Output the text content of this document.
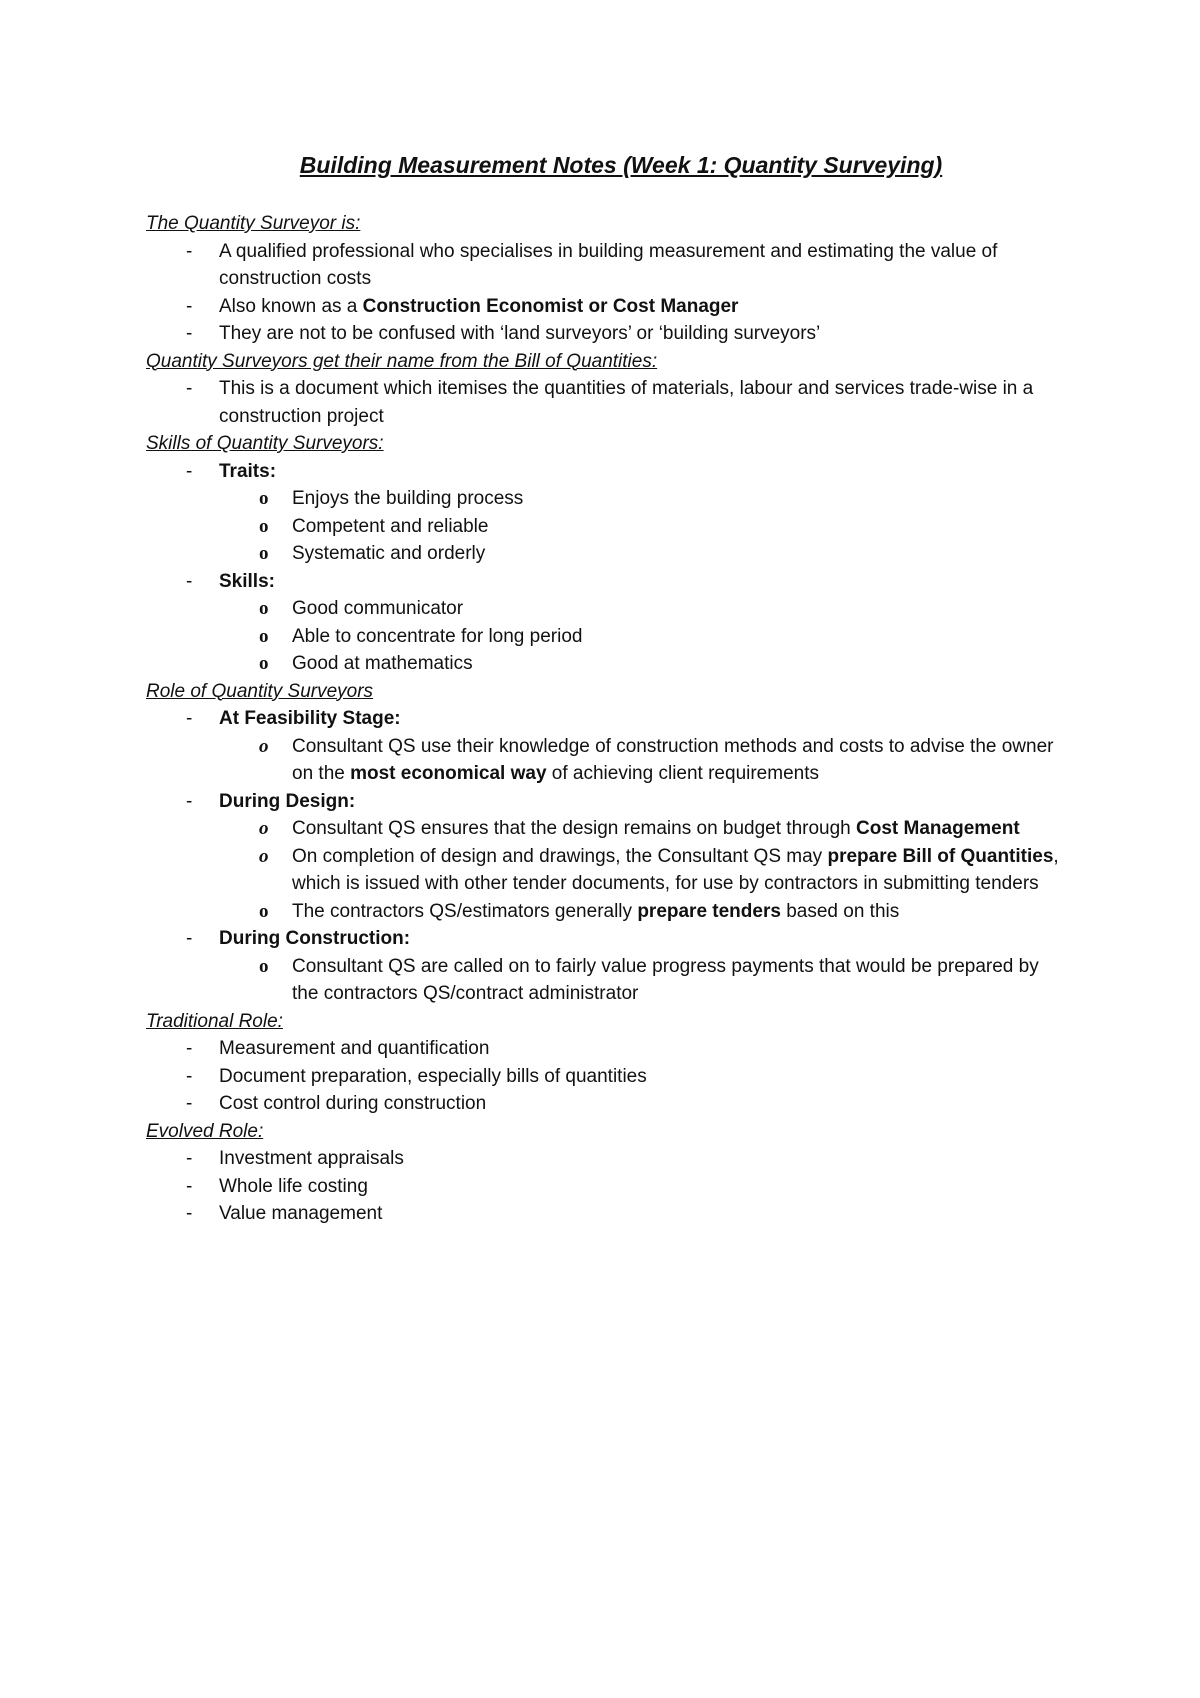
Building Measurement Notes (Week 1: Quantity Surveying)
The Quantity Surveyor is:
- A qualified professional who specialises in building measurement and estimating the value of construction costs
- Also known as a Construction Economist or Cost Manager
- They are not to be confused with ‘land surveyors’ or ‘building surveyors’
Quantity Surveyors get their name from the Bill of Quantities:
- This is a document which itemises the quantities of materials, labour and services trade-wise in a construction project
Skills of Quantity Surveyors:
- Traits:
o Enjoys the building process
o Competent and reliable
o Systematic and orderly
- Skills:
o Good communicator
o Able to concentrate for long period
o Good at mathematics
Role of Quantity Surveyors
- At Feasibility Stage:
o Consultant QS use their knowledge of construction methods and costs to advise the owner on the most economical way of achieving client requirements
- During Design:
o Consultant QS ensures that the design remains on budget through Cost Management
o On completion of design and drawings, the Consultant QS may prepare Bill of Quantities, which is issued with other tender documents, for use by contractors in submitting tenders
o The contractors QS/estimators generally prepare tenders based on this
- During Construction:
o Consultant QS are called on to fairly value progress payments that would be prepared by the contractors QS/contract administrator
Traditional Role:
- Measurement and quantification
- Document preparation, especially bills of quantities
- Cost control during construction
Evolved Role:
- Investment appraisals
- Whole life costing
- Value management
